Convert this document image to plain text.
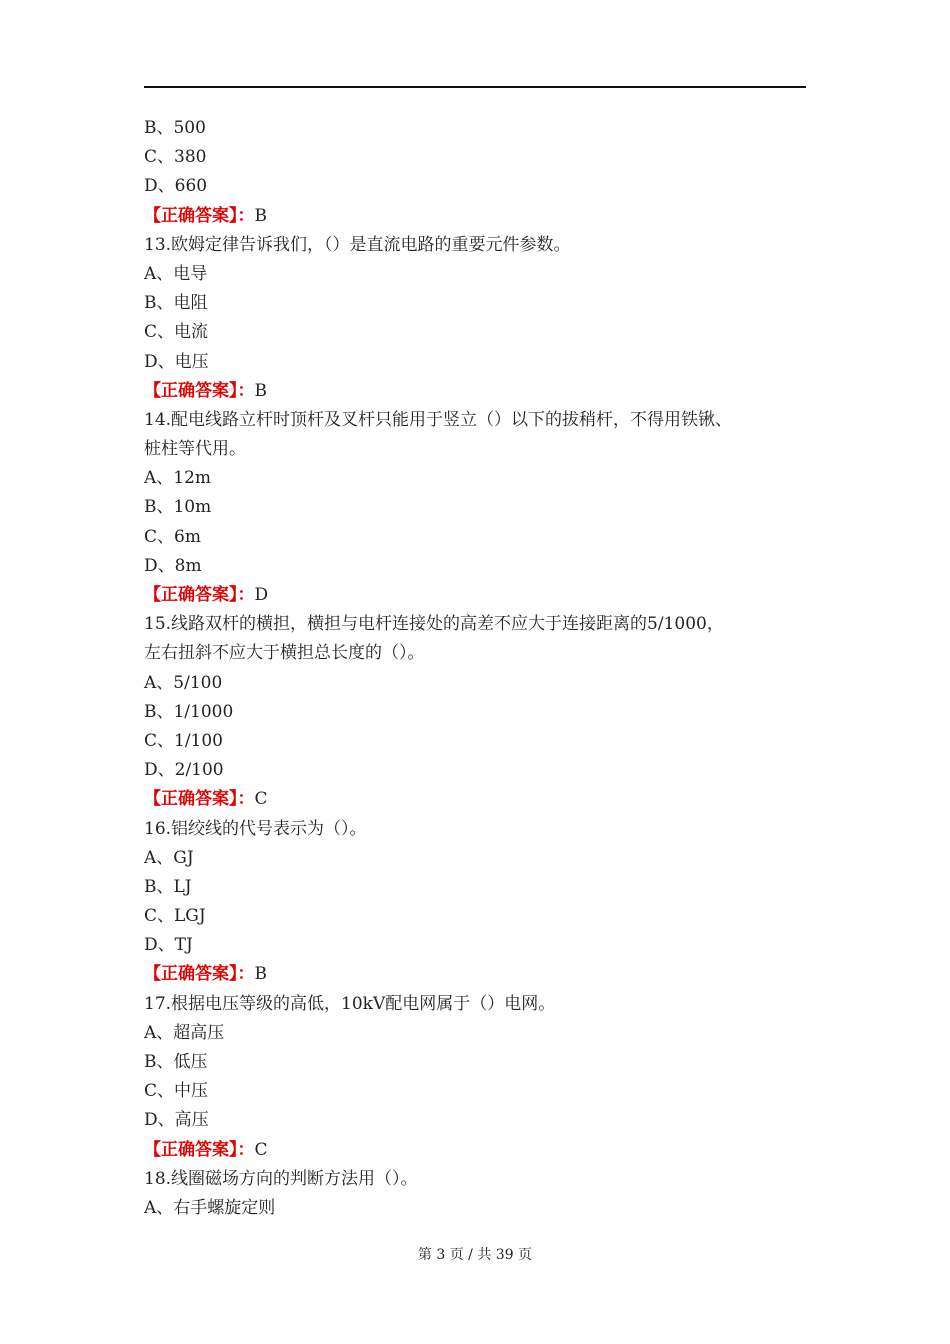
B、500
C、380
D、660
【正确答案】：B
13.欧姆定律告诉我们，（）是直流电路的重要元件参数。
A、电导
B、电阻
C、电流
D、电压
【正确答案】：B
14.配电线路立杆时顶杆及叉杆只能用于竖立（）以下的拔稍杆，不得用铁锹、
桩柱等代用。
A、12m
B、10m
C、6m
D、8m
【正确答案】：D
15.线路双杆的横担，横担与电杆连接处的高差不应大于连接距离的5/1000，
左右扭斜不应大于横担总长度的（）。
A、5/100
B、1/1000
C、1/100
D、2/100
【正确答案】：C
16.铝绞线的代号表示为（）。
A、GJ
B、LJ
C、LGJ
D、TJ
【正确答案】：B
17.根据电压等级的高低，10kV配电网属于（）电网。
A、超高压
B、低压
C、中压
D、高压
【正确答案】：C
18.线圈磁场方向的判断方法用（）。
A、右手螺旋定则
第 3 页 / 共 39 页
